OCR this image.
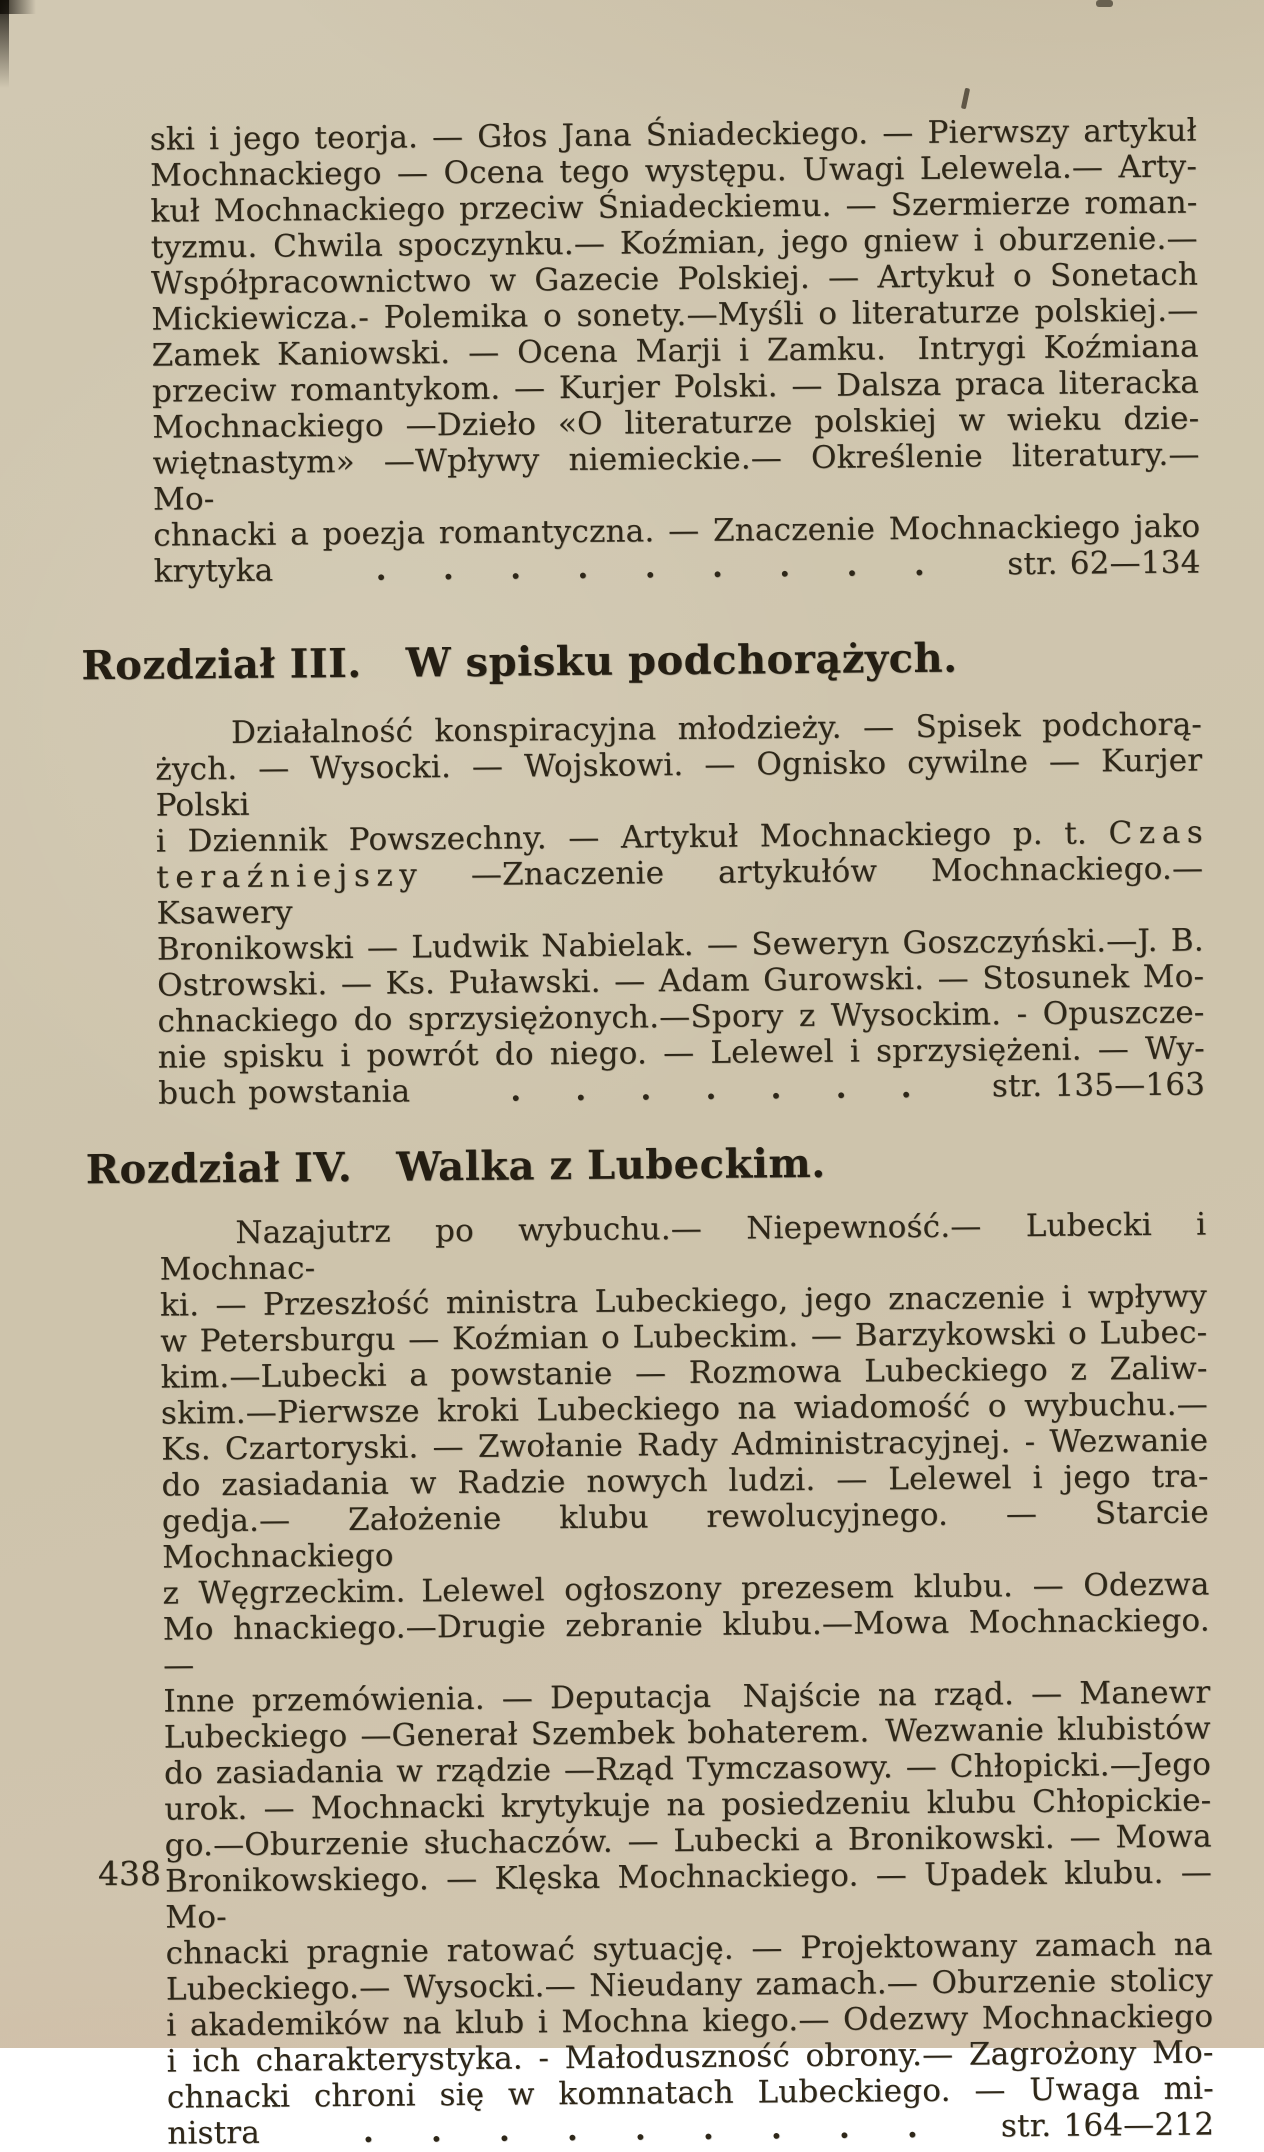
ski i jego teorja. — Głos Jana Śniadeckiego. — Pierwszy artykuł
Mochnackiego — Ocena tego występu. Uwagi Lelewela.— Arty-
kuł Mochnackiego przeciw Śniadeckiemu. — Szermierze roman-
tyzmu. Chwila spoczynku.— Koźmian, jego gniew i oburzenie.—
Współpracownictwo w Gazecie Polskiej. — Artykuł o Sonetach
Mickiewicza.- Polemika o sonety.—Myśli o literaturze polskiej.—
Zamek Kaniowski. — Ocena Marji i Zamku.  Intrygi Koźmiana
przeciw romantykom. — Kurjer Polski. — Dalsza praca literacka
Mochnackiego —Dzieło «O literaturze polskiej w wieku dzie-
więtnastym» —Wpływy niemieckie.— Określenie literatury.— Mo-
chnacki a poezja romantyczna. — Znaczenie Mochnackiego jako
krytyka	. . . . . . . . .	str. 62—134
Rozdział III. W spisku podchorążych.
Działalność konspiracyjna młodzieży. — Spisek podchorą-
żych. — Wysocki. — Wojskowi. — Ognisko cywilne — Kurjer Polski
i Dziennik Powszechny. — Artykuł Mochnackiego p. t. C z a s
t e r a ź n i e j s z y —Znaczenie artykułów Mochnackiego.—Ksawery
Bronikowski — Ludwik Nabielak. — Seweryn Goszczyński.—J. B.
Ostrowski. — Ks. Puławski. — Adam Gurowski. — Stosunek Mo-
chnackiego do sprzysiężonych.—Spory z Wysockim. - Opuszcze-
nie spisku i powrót do niego. — Lelewel i sprzysiężeni. — Wy-
buch powstania	. . . . . . .	str. 135—163
Rozdział IV. Walka z Lubeckim.
Nazajutrz po wybuchu.— Niepewność.— Lubecki i Mochnac-
ki. — Przeszłość ministra Lubeckiego, jego znaczenie i wpływy
w Petersburgu — Koźmian o Lubeckim. — Barzykowski o Lubec-
kim.—Lubecki a powstanie — Rozmowa Lubeckiego z Zaliw-
skim.—Pierwsze kroki Lubeckiego na wiadomość o wybuchu.—
Ks. Czartoryski. — Zwołanie Rady Administracyjnej. - Wezwanie
do zasiadania w Radzie nowych ludzi. — Lelewel i jego tra-
gedja.— Założenie klubu rewolucyjnego. — Starcie Mochnackiego
z Węgrzeckim. Lelewel ogłoszony prezesem klubu. — Odezwa
Mo hnackiego.—Drugie zebranie klubu.—Mowa Mochnackiego.—
Inne przemówienia. — Deputacja  Najście na rząd. — Manewr
Lubeckiego —Generał Szembek bohaterem. Wezwanie klubistów
do zasiadania w rządzie —Rząd Tymczasowy. — Chłopicki.—Jego
urok. — Mochnacki krytykuje na posiedzeniu klubu Chłopickie-
go.—Oburzenie słuchaczów. — Lubecki a Bronikowski. — Mowa
Bronikowskiego. — Klęska Mochnackiego. — Upadek klubu. — Mo-
chnacki pragnie ratować sytuację. — Projektowany zamach na
Lubeckiego.— Wysocki.— Nieudany zamach.— Oburzenie stolicy
i akademików na klub i Mochna kiego.— Odezwy Mochnackiego
i ich charakterystyka. - Małoduszność obrony.— Zagrożony Mo-
chnacki chroni się w komnatach Lubeckiego. — Uwaga mi-
nistra	. . . . . . . . .	str. 164—212
438
